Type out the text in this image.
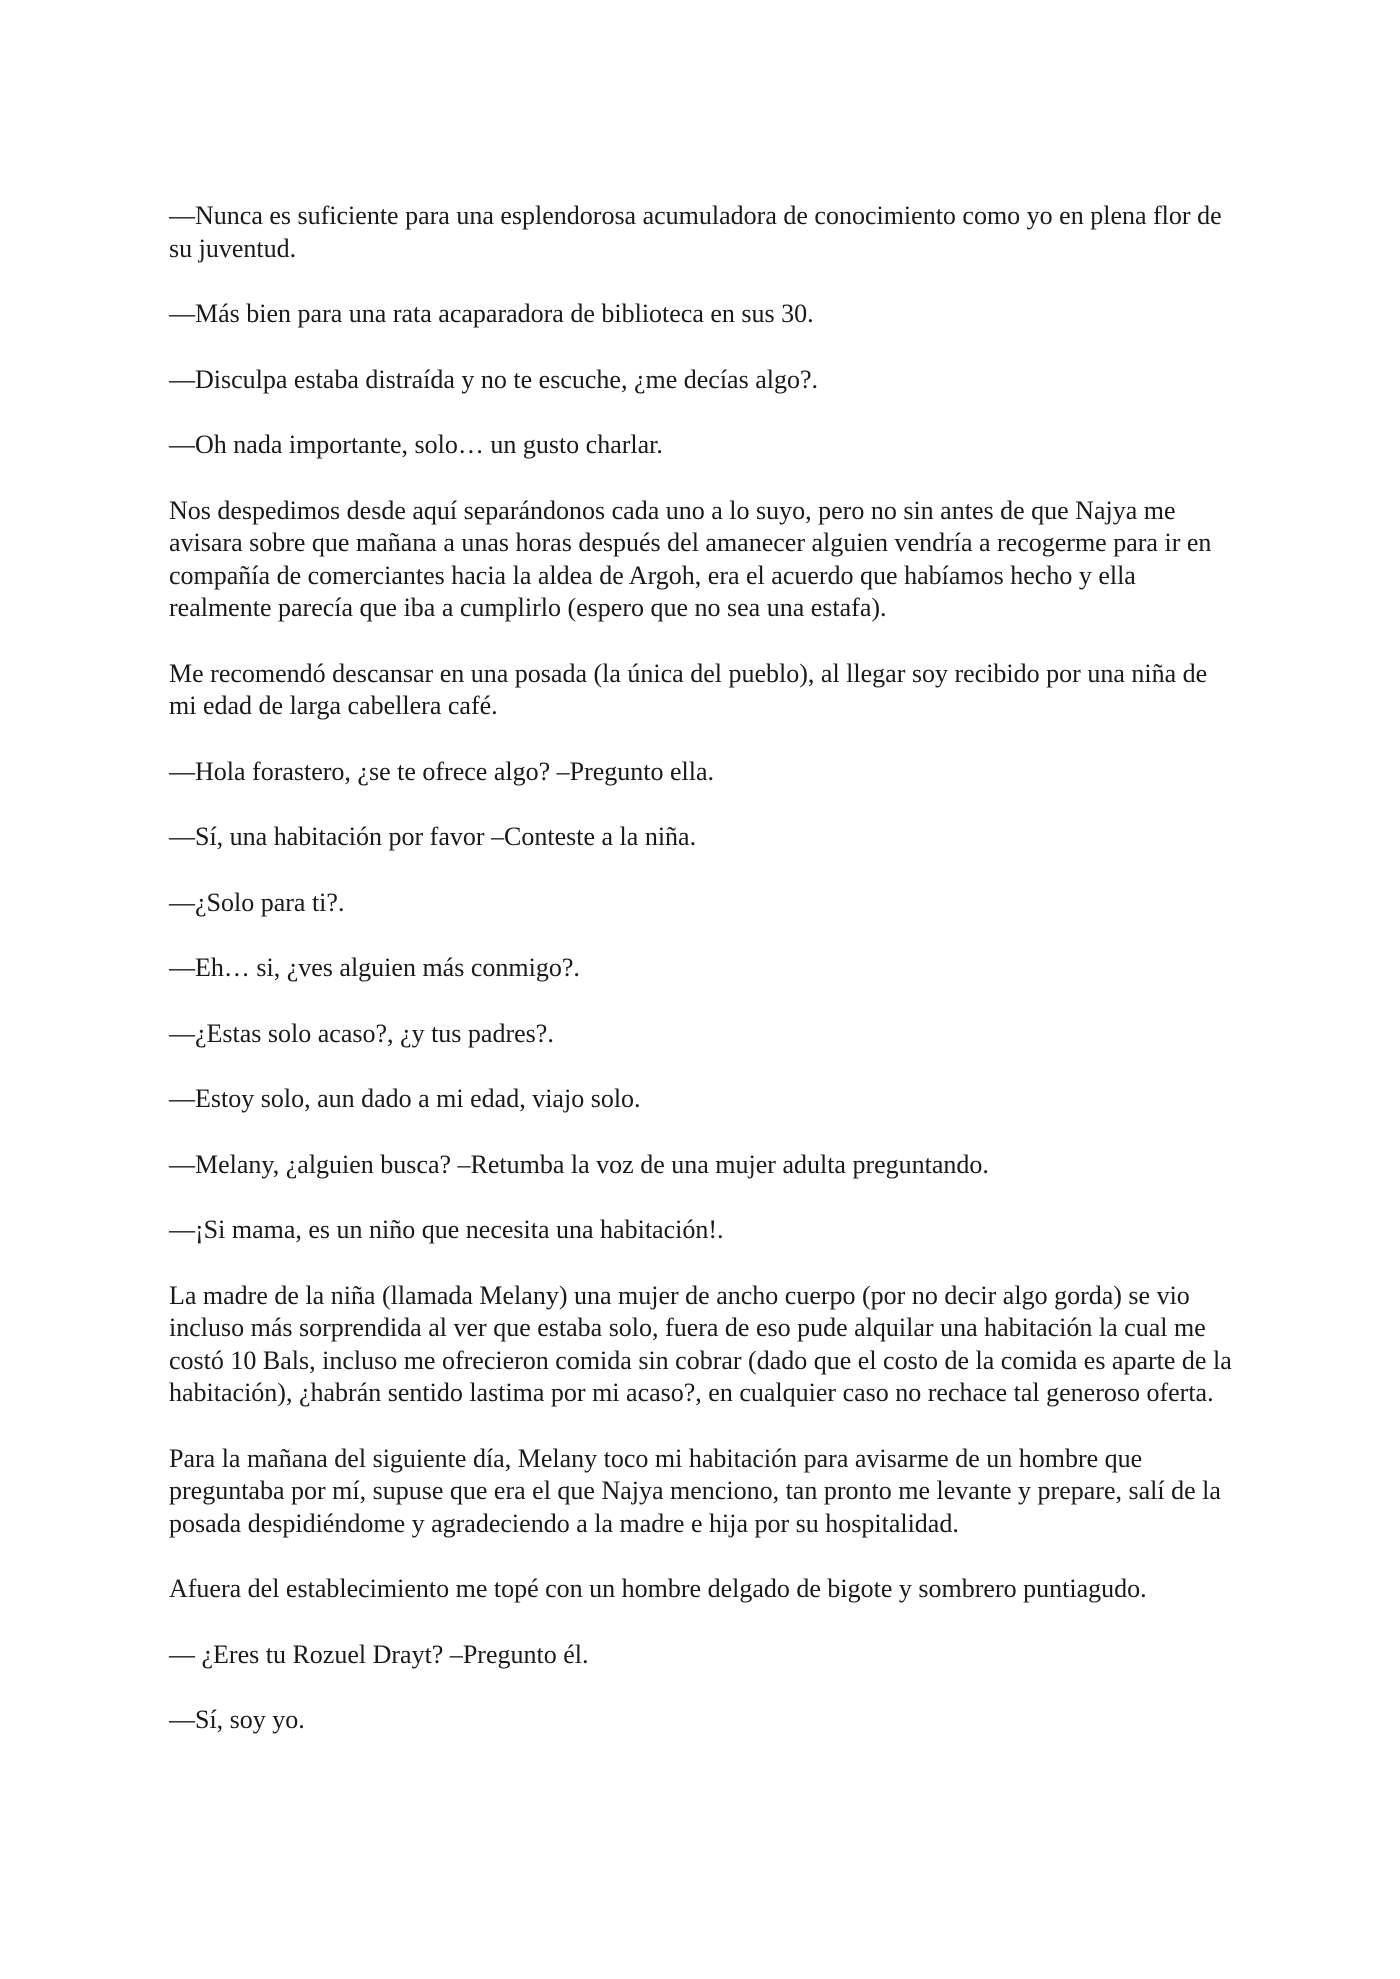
—Nunca es suficiente para una esplendorosa acumuladora de conocimiento como yo en plena flor de su juventud.

—Más bien para una rata acaparadora de biblioteca en sus 30.

—Disculpa estaba distraída y no te escuche, ¿me decías algo?.

—Oh nada importante, solo… un gusto charlar.

Nos despedimos desde aquí separándonos cada uno a lo suyo, pero no sin antes de que Najya me avisara sobre que mañana a unas horas después del amanecer alguien vendría a recogerme para ir en compañía de comerciantes hacia la aldea de Argoh, era el acuerdo que habíamos hecho y ella realmente parecía que iba a cumplirlo (espero que no sea una estafa).

Me recomendó descansar en una posada (la única del pueblo), al llegar soy recibido por una niña de mi edad de larga cabellera café.

—Hola forastero, ¿se te ofrece algo? –Pregunto ella.

—Sí, una habitación por favor –Conteste a la niña.

—¿Solo para ti?.

—Eh… si, ¿ves alguien más conmigo?.

—¿Estas solo acaso?, ¿y tus padres?.

—Estoy solo, aun dado a mi edad, viajo solo.

—Melany, ¿alguien busca? –Retumba la voz de una mujer adulta preguntando.

—¡Si mama, es un niño que necesita una habitación!.

La madre de la niña (llamada Melany) una mujer de ancho cuerpo (por no decir algo gorda) se vio incluso más sorprendida al ver que estaba solo, fuera de eso pude alquilar una habitación la cual me costó 10 Bals, incluso me ofrecieron comida sin cobrar (dado que el costo de la comida es aparte de la habitación), ¿habrán sentido lastima por mi acaso?, en cualquier caso no rechace tal generoso oferta.

Para la mañana del siguiente día, Melany toco mi habitación para avisarme de un hombre que preguntaba por mí, supuse que era el que Najya menciono, tan pronto me levante y prepare, salí de la posada despidiéndome y agradeciendo a la madre e hija por su hospitalidad.

Afuera del establecimiento me topé con un hombre delgado de bigote y sombrero puntiagudo.

— ¿Eres tu Rozuel Drayt? –Pregunto él.

—Sí, soy yo.
